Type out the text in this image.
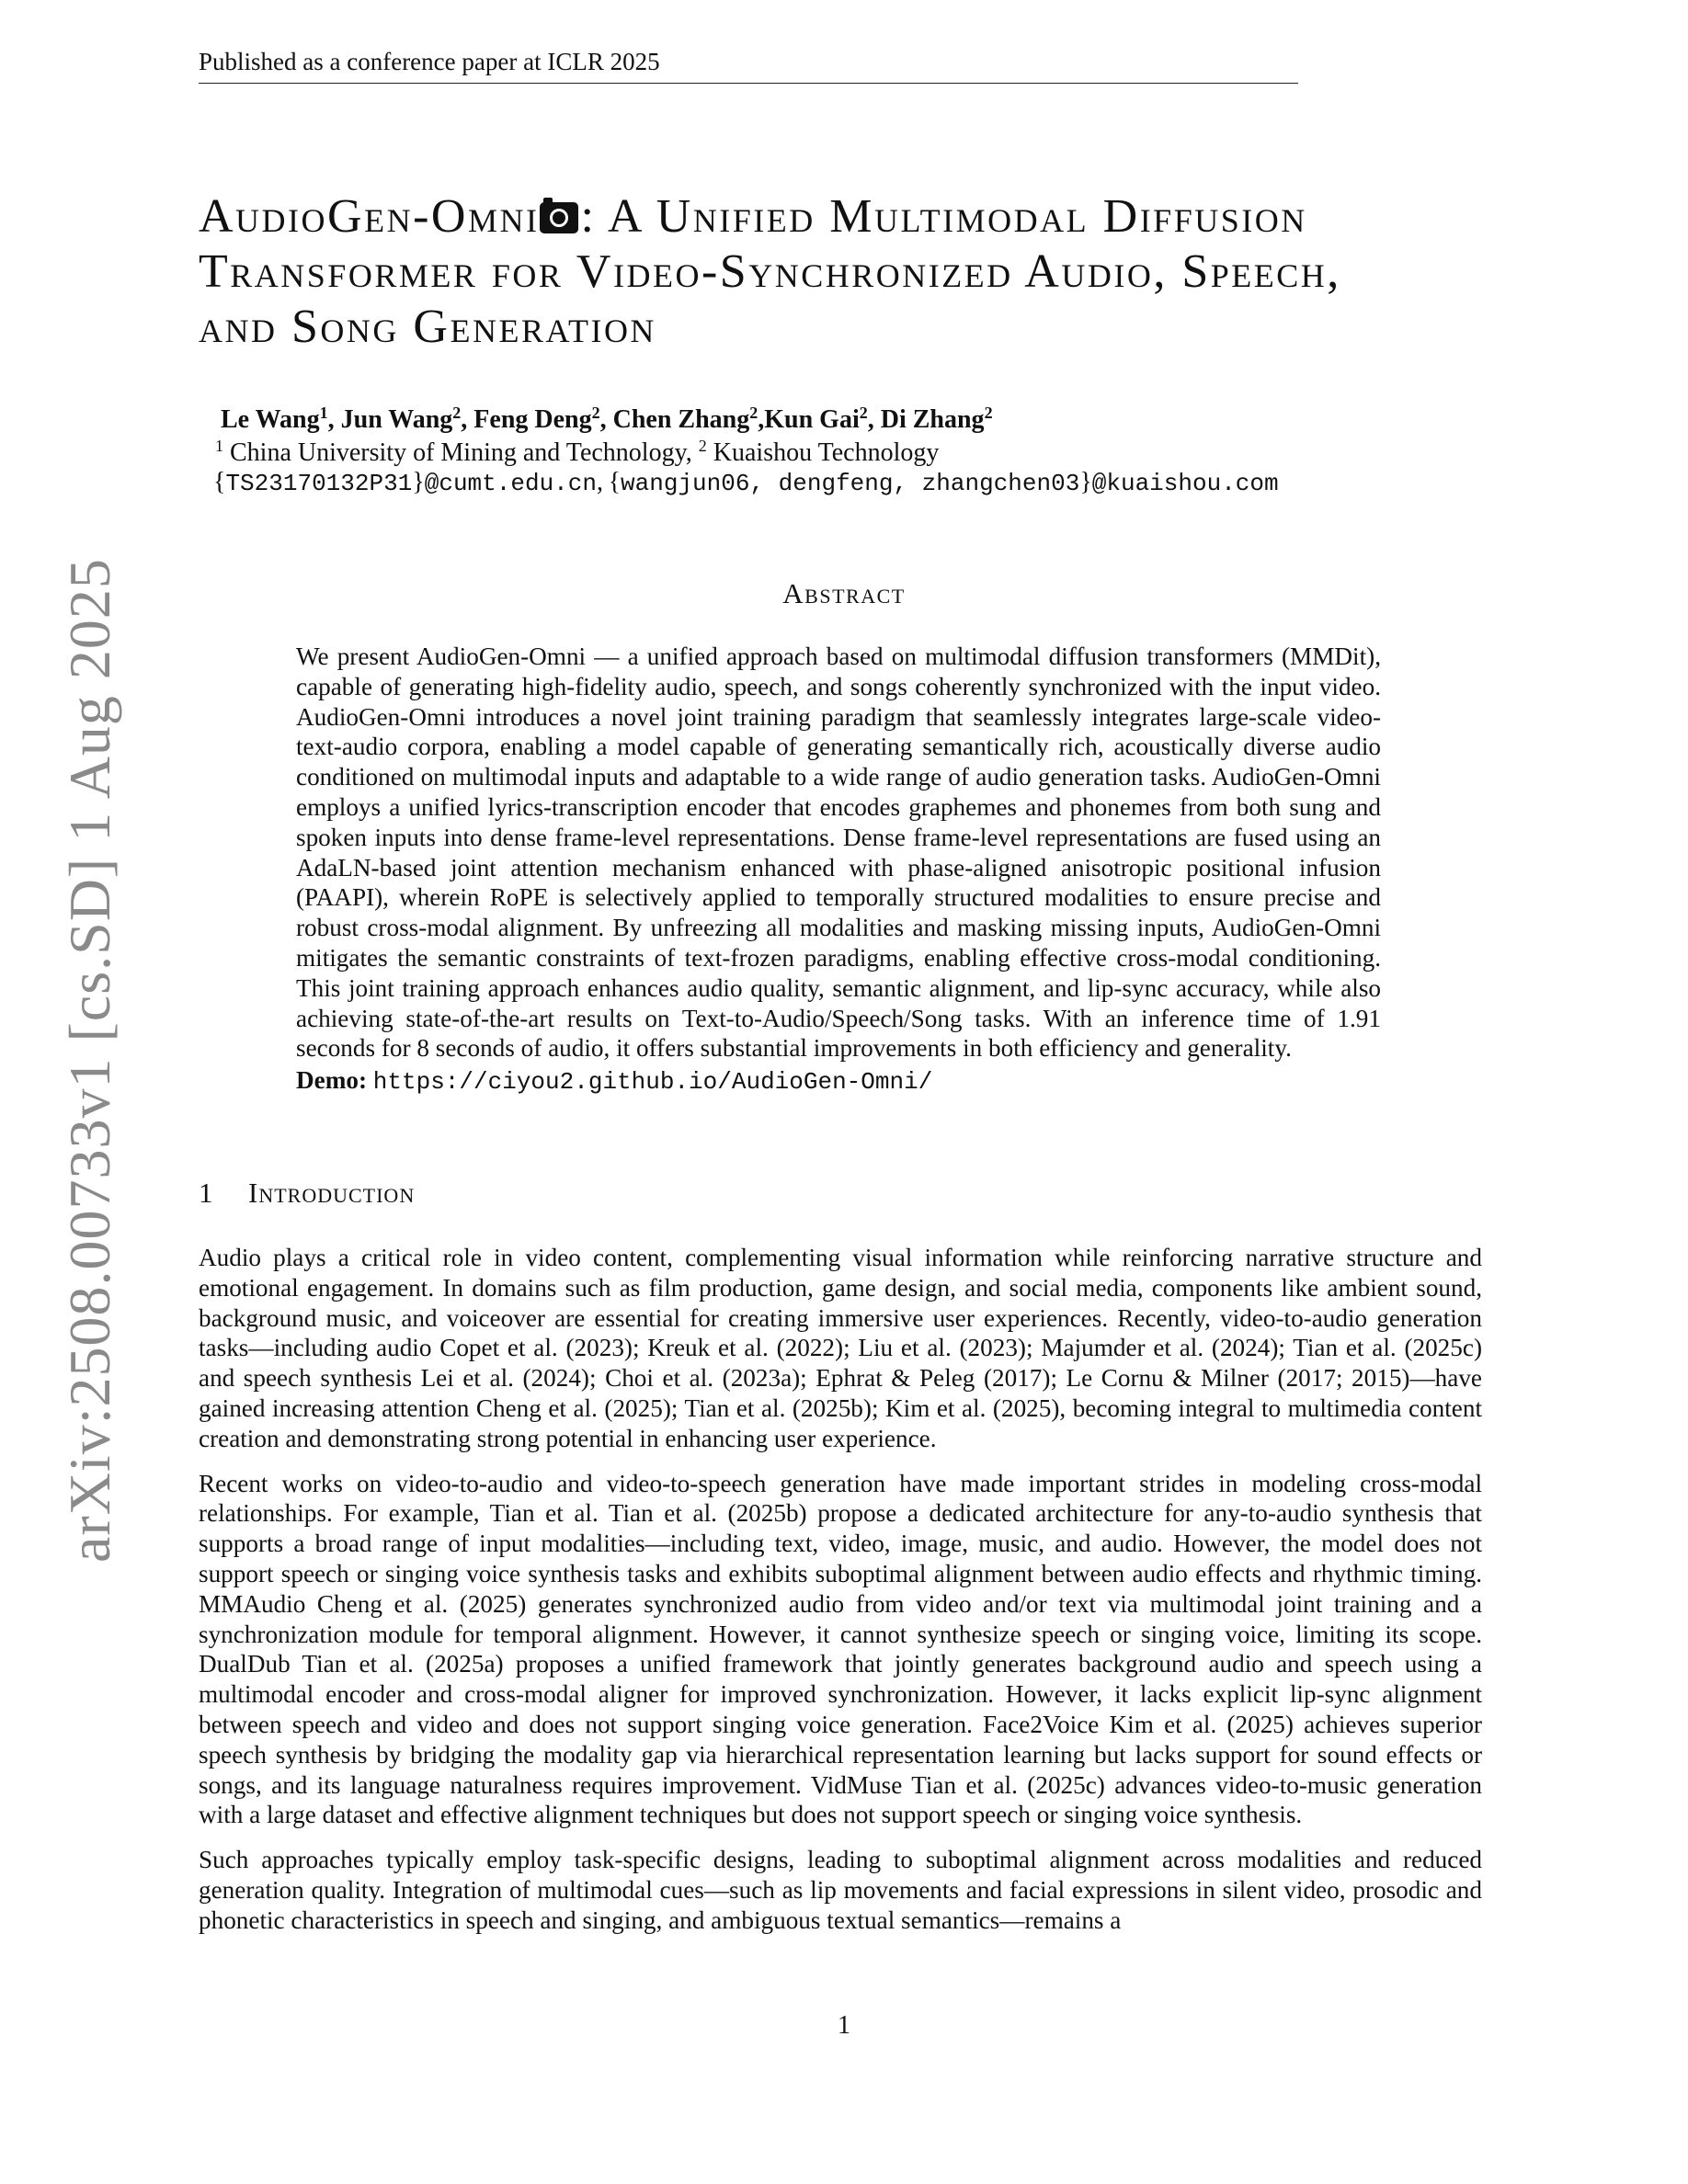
Published as a conference paper at ICLR 2025
arXiv:2508.00733v1 [cs.SD] 1 Aug 2025
AudioGen-Omni : A Unified Multimodal Diffusion
Transformer for Video-Synchronized Audio, Speech,
and Song Generation
Le Wang$^1$, Jun Wang$^2$, Feng Deng$^2$, Chen Zhang$^2$,Kun Gai$^2$, Di Zhang$^2$
$^1$ China University of Mining and Technology, $^2$ Kuaishou Technology
{TS23170132P31}@cumt.edu.cn, {wangjun06, dengfeng, zhangchen03}@kuaishou.com
Abstract
We present AudioGen-Omni — a unified approach based on multimodal diffusion transformers (MMDit), capable of generating high-fidelity audio, speech, and songs coherently synchronized with the input video. AudioGen-Omni introduces a novel joint training paradigm that seamlessly integrates large-scale video-text-audio corpora, enabling a model capable of generating semantically rich, acoustically diverse audio conditioned on multimodal inputs and adaptable to a wide range of audio generation tasks. AudioGen-Omni employs a unified lyrics-transcription encoder that encodes graphemes and phonemes from both sung and spoken inputs into dense frame-level representations. Dense frame-level representations are fused using an AdaLN-based joint attention mechanism enhanced with phase-aligned anisotropic positional infusion (PAAPI), wherein RoPE is selectively applied to temporally structured modalities to ensure precise and robust cross-modal alignment. By unfreezing all modalities and masking missing inputs, AudioGen-Omni mitigates the semantic constraints of text-frozen paradigms, enabling effective cross-modal conditioning. This joint training approach enhances audio quality, semantic alignment, and lip-sync accuracy, while also achieving state-of-the-art results on Text-to-Audio/Speech/Song tasks. With an inference time of 1.91 seconds for 8 seconds of audio, it offers substantial improvements in both efficiency and generality.
Demo: https://ciyou2.github.io/AudioGen-Omni/
1 Introduction

Audio plays a critical role in video content, complementing visual information while reinforcing narrative structure and emotional engagement. In domains such as film production, game design, and social media, components like ambient sound, background music, and voiceover are essential for creating immersive user experiences. Recently, video-to-audio generation tasks—including audio Copet et al. (2023); Kreuk et al. (2022); Liu et al. (2023); Majumder et al. (2024); Tian et al. (2025c) and speech synthesis Lei et al. (2024); Choi et al. (2023a); Ephrat & Peleg (2017); Le Cornu & Milner (2017; 2015)—have gained increasing attention Cheng et al. (2025); Tian et al. (2025b); Kim et al. (2025), becoming integral to multimedia content creation and demonstrating strong potential in enhancing user experience.

Recent works on video-to-audio and video-to-speech generation have made important strides in modeling cross-modal relationships. For example, Tian et al. Tian et al. (2025b) propose a dedicated architecture for any-to-audio synthesis that supports a broad range of input modalities—including text, video, image, music, and audio. However, the model does not support speech or singing voice synthesis tasks and exhibits suboptimal alignment between audio effects and rhythmic timing. MMAudio Cheng et al. (2025) generates synchronized audio from video and/or text via multimodal joint training and a synchronization module for temporal alignment. However, it cannot synthesize speech or singing voice, limiting its scope. DualDub Tian et al. (2025a) proposes a unified framework that jointly generates background audio and speech using a multimodal encoder and cross-modal aligner for improved synchronization. However, it lacks explicit lip-sync alignment between speech and video and does not support singing voice generation. Face2Voice Kim et al. (2025) achieves superior speech synthesis by bridging the modality gap via hierarchical representation learning but lacks support for sound effects or songs, and its language naturalness requires improvement. VidMuse Tian et al. (2025c) advances video-to-music generation with a large dataset and effective alignment techniques but does not support speech or singing voice synthesis.

Such approaches typically employ task-specific designs, leading to suboptimal alignment across modalities and reduced generation quality. Integration of multimodal cues—such as lip movements and facial expressions in silent video, prosodic and phonetic characteristics in speech and singing, and ambiguous textual semantics—remains a

1
